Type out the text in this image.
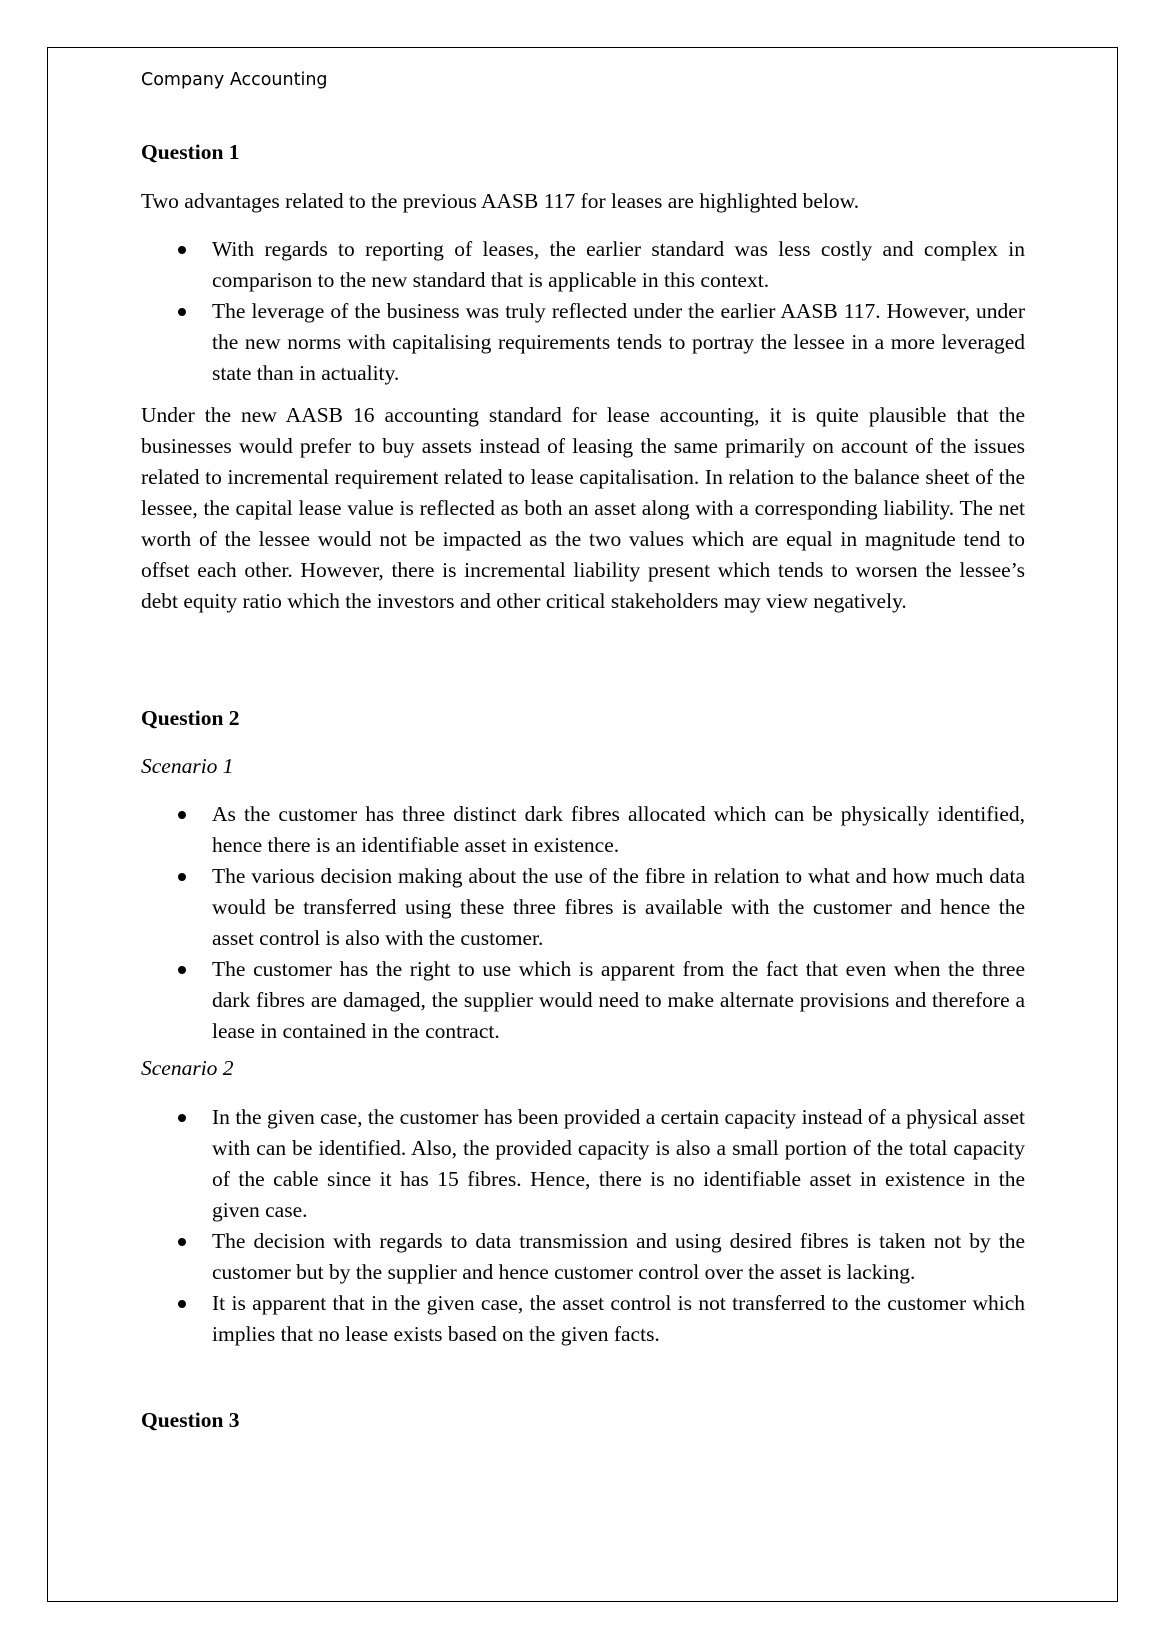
Company Accounting
Question 1
Two advantages related to the previous AASB 117 for leases are highlighted below.
With regards to reporting of leases, the earlier standard was less costly and complex in comparison to the new standard that is applicable in this context.
The leverage of the business was truly reflected under the earlier AASB 117. However, under the new norms with capitalising requirements tends to portray the lessee in a more leveraged state than in actuality.
Under the new AASB 16 accounting standard for lease accounting, it is quite plausible that the businesses would prefer to buy assets instead of leasing the same primarily on account of the issues related to incremental requirement related to lease capitalisation. In relation to the balance sheet of the lessee, the capital lease value is reflected as both an asset along with a corresponding liability. The net worth of the lessee would not be impacted as the two values which are equal in magnitude tend to offset each other. However, there is incremental liability present which tends to worsen the lessee’s debt equity ratio which the investors and other critical stakeholders may view negatively.
Question 2
Scenario 1
As the customer has three distinct dark fibres allocated which can be physically identified, hence there is an identifiable asset in existence.
The various decision making about the use of the fibre in relation to what and how much data would be transferred using these three fibres is available with the customer and hence the asset control is also with the customer.
The customer has the right to use which is apparent from the fact that even when the three dark fibres are damaged, the supplier would need to make alternate provisions and therefore a lease in contained in the contract.
Scenario 2
In the given case, the customer has been provided a certain capacity instead of a physical asset with can be identified. Also, the provided capacity is also a small portion of the total capacity of the cable since it has 15 fibres. Hence, there is no identifiable asset in existence in the given case.
The decision with regards to data transmission and using desired fibres is taken not by the customer but by the supplier and hence customer control over the asset is lacking.
It is apparent that in the given case, the asset control is not transferred to the customer which implies that no lease exists based on the given facts.
Question 3
